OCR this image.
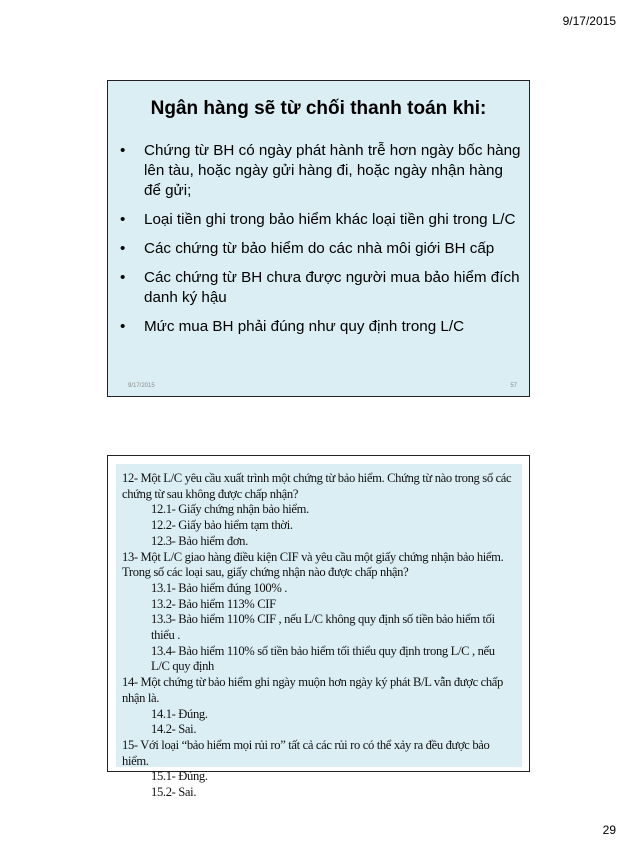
9/17/2015
Ngân hàng sẽ từ chối thanh toán khi:
• Chứng từ BH có ngày phát hành trễ hơn ngày bốc hàng lên tàu, hoặc ngày gửi hàng đi, hoặc ngày nhận hàng để gửi;
• Loại tiền ghi trong bảo hiểm khác loại tiền ghi trong L/C
• Các chứng từ bảo hiểm do các nhà môi giới BH cấp
• Các chứng từ BH chưa được người mua bảo hiểm đích danh ký hậu
• Mức mua BH phải đúng như quy định trong L/C
9/17/2015	57

12- Một L/C yêu cầu xuất trình một chứng từ bảo hiểm. Chứng từ nào trong số các chứng từ sau không được chấp nhận?

12.1- Giấy chứng nhận bảo hiểm.

12.2- Giấy bảo hiểm tạm thời.

12.3- Bảo hiểm đơn.

13- Một L/C giao hàng điều kiện CIF và yêu cầu một giấy chứng nhận bảo hiểm. Trong số các loại sau, giấy chứng nhận nào được chấp nhận?

13.1- Bảo hiểm đúng 100% .

13.2- Bảo hiểm 113% CIF

13.3- Bảo hiểm 110% CIF , nếu L/C không quy định số tiền bảo hiểm tối thiểu .

13.4- Bảo hiểm 110% số tiền bảo hiểm tối thiểu quy định trong L/C , nếu L/C quy định

14- Một chứng từ bảo hiểm ghi ngày muộn hơn ngày ký phát B/L vẫn được chấp nhận là.

14.1- Đúng.

14.2- Sai.

15- Với loại “bảo hiểm mọi rủi ro” tất cả các rủi ro có thể xảy ra đều được bảo hiểm.

15.1- Đúng.

15.2- Sai.

29
